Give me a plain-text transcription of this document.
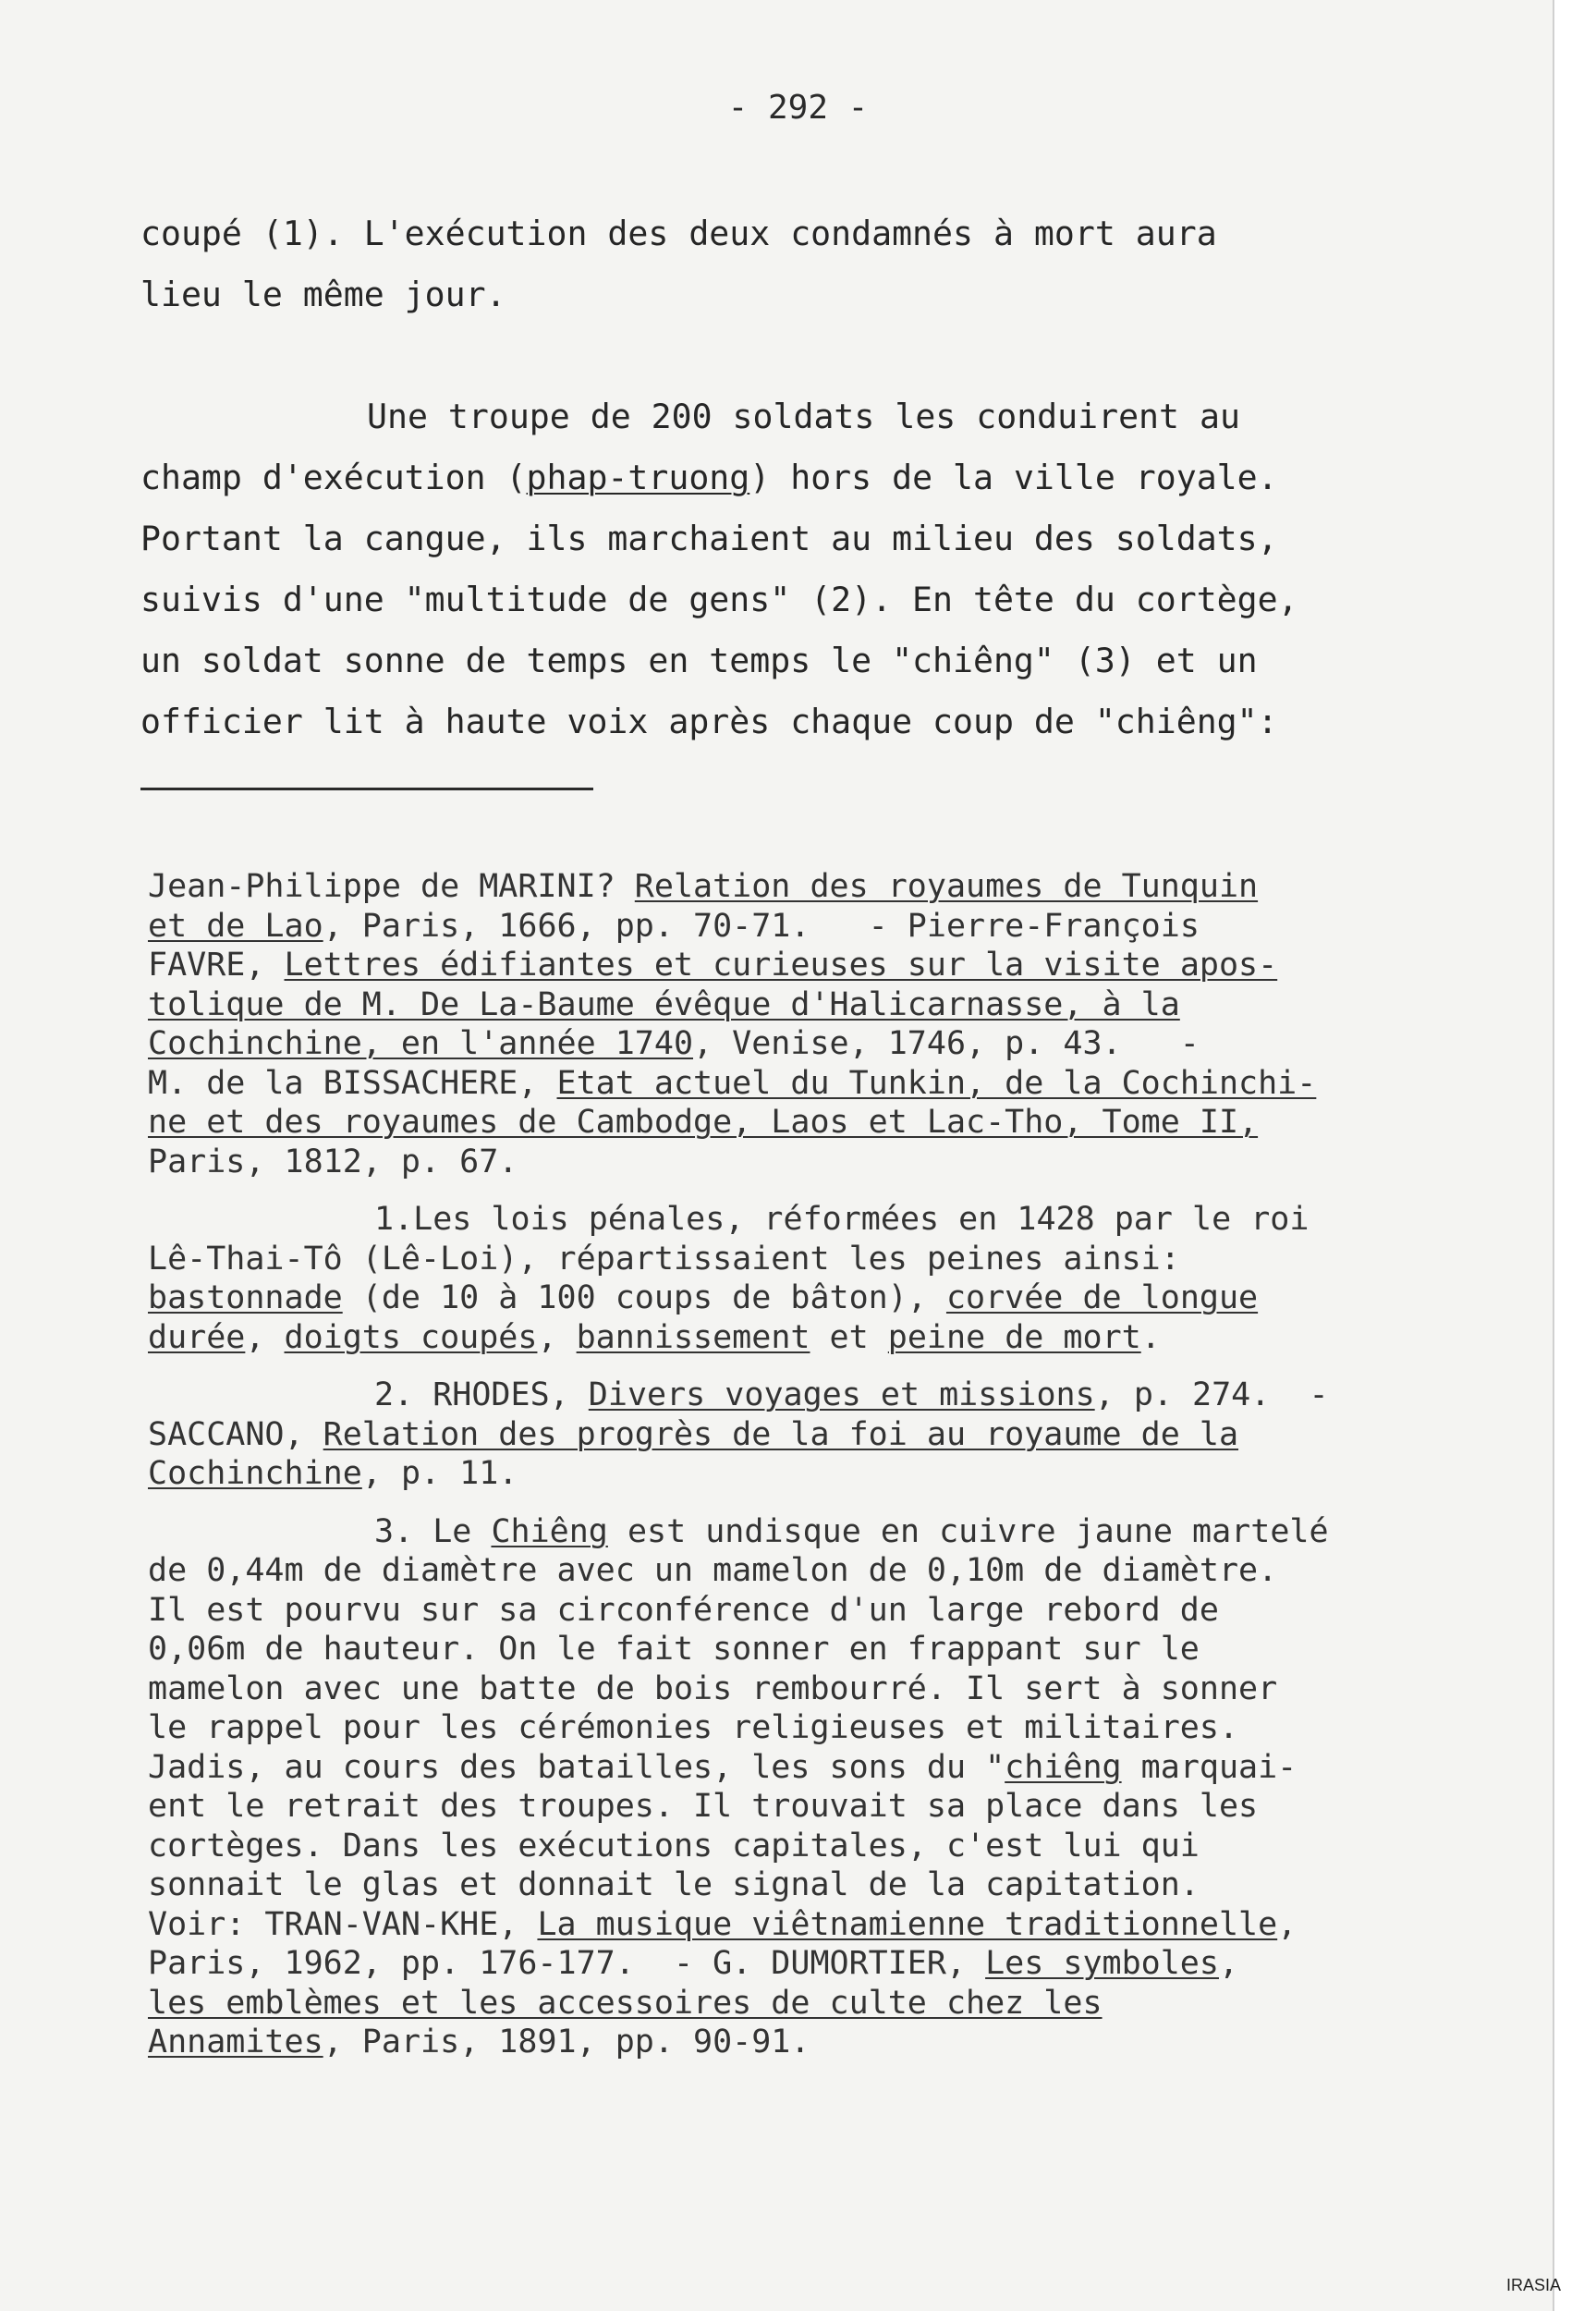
- 292 -

coupé (1). L'exécution des deux condamnés à mort aura

lieu le même jour.

Une troupe de 200 soldats les conduirent au

champ d'exécution (phap-truong) hors de la ville royale.

Portant la cangue, ils marchaient au milieu des soldats,

suivis d'une "multitude de gens" (2). En tête du cortège,

un soldat sonne de temps en temps le "chiêng" (3) et un

officier lit à haute voix après chaque coup de "chiêng":

Jean-Philippe de MARINI? Relation des royaumes de Tunquin

et de Lao, Paris, 1666, pp. 70-71.   - Pierre-François

FAVRE, Lettres édifiantes et curieuses sur la visite apos-

tolique de M. De La-Baume évêque d'Halicarnasse, à la

Cochinchine, en l'année 1740, Venise, 1746, p. 43.   -

M. de la BISSACHERE, Etat actuel du Tunkin, de la Cochinchi-

ne et des royaumes de Cambodge, Laos et Lac-Tho, Tome II,

Paris, 1812, p. 67.

1.Les lois pénales, réformées en 1428 par le roi

Lê-Thai-Tô (Lê-Loi), répartissaient les peines ainsi:

bastonnade (de 10 à 100 coups de bâton), corvée de longue

durée, doigts coupés, bannissement et peine de mort.

2. RHODES, Divers voyages et missions, p. 274.  -

SACCANO, Relation des progrès de la foi au royaume de la

Cochinchine, p. 11.

3. Le Chiêng est undisque en cuivre jaune martelé

de 0,44m de diamètre avec un mamelon de 0,10m de diamètre.

Il est pourvu sur sa circonférence d'un large rebord de

0,06m de hauteur. On le fait sonner en frappant sur le

mamelon avec une batte de bois rembourré. Il sert à sonner

le rappel pour les cérémonies religieuses et militaires.

Jadis, au cours des batailles, les sons du "chiêng marquai-

ent le retrait des troupes. Il trouvait sa place dans les

cortèges. Dans les exécutions capitales, c'est lui qui

sonnait le glas et donnait le signal de la capitation.

Voir: TRAN-VAN-KHE, La musique viêtnamienne traditionnelle,

Paris, 1962, pp. 176-177.  - G. DUMORTIER, Les symboles,

les emblèmes et les accessoires de culte chez les

Annamites, Paris, 1891, pp. 90-91.

IRASIA
